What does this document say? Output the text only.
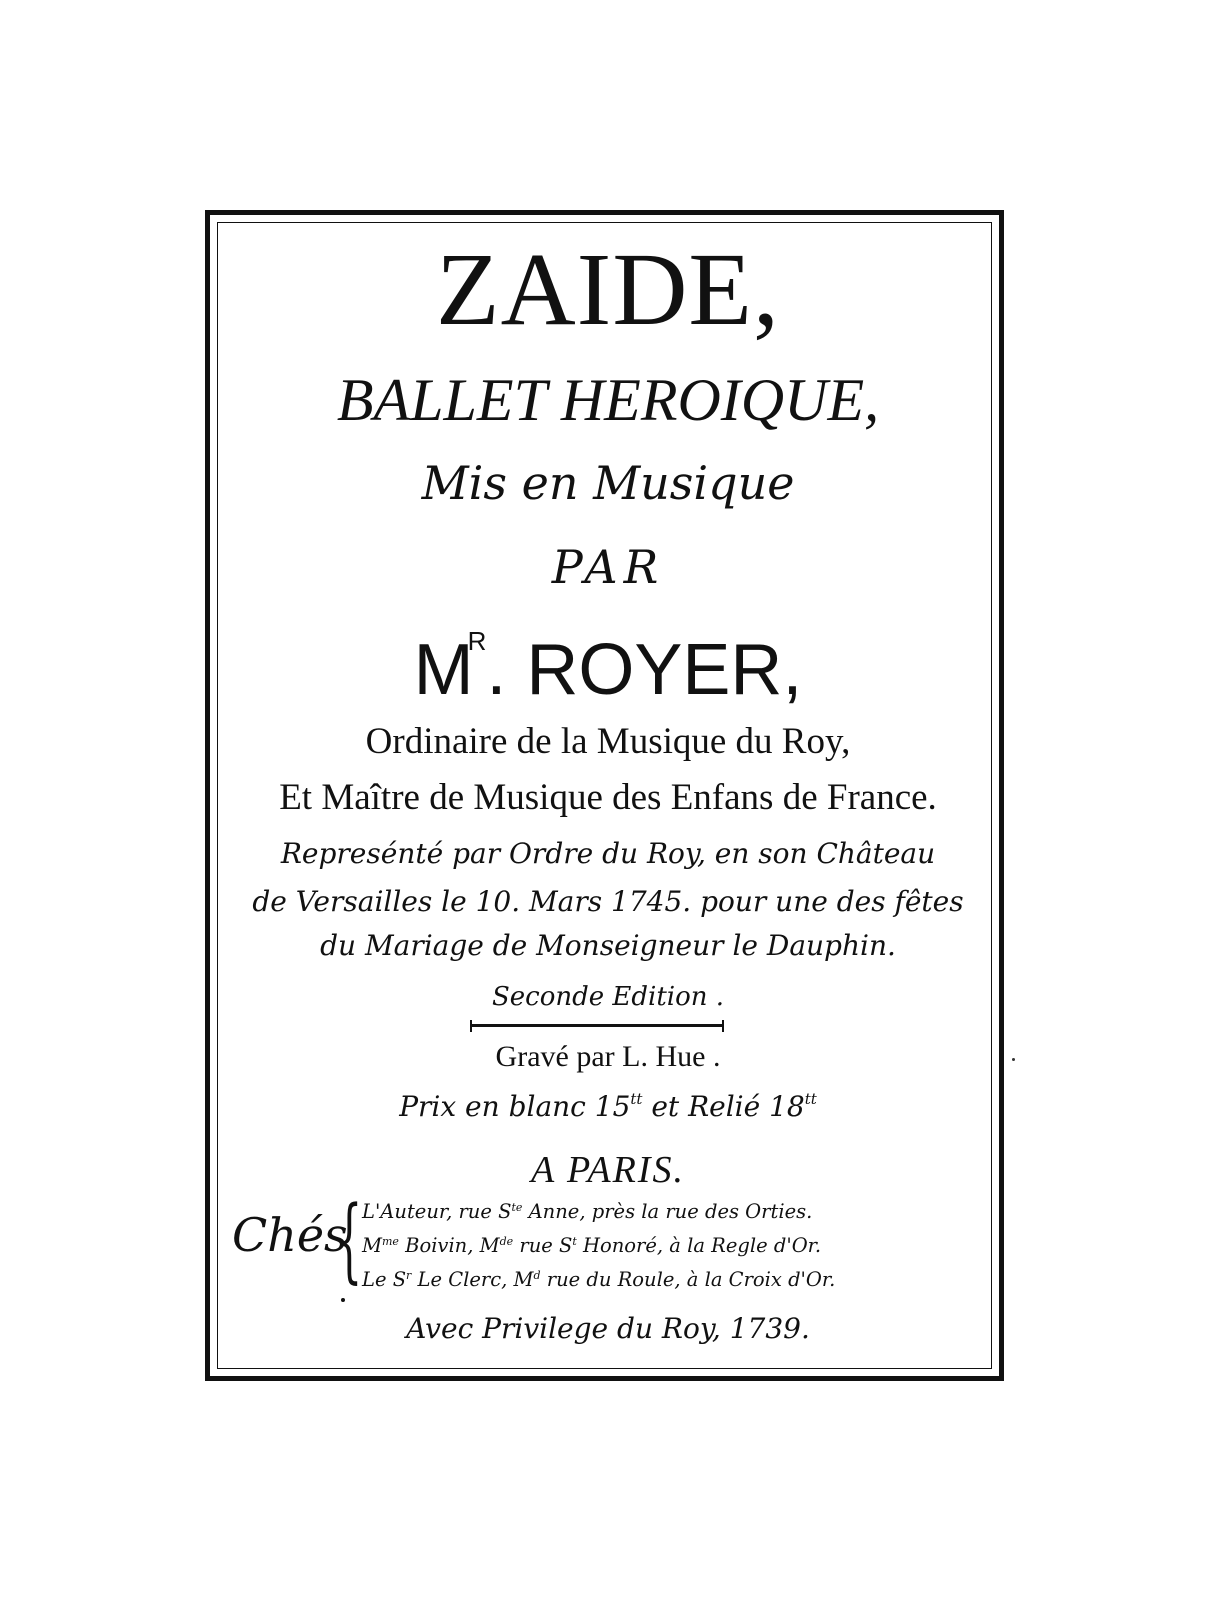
ZAIDE,
BALLET HEROIQUE,
Mis en Musique
PAR
$M^R$. ROYER,
Ordinaire de la Musique du Roy,
Et Maître de Musique des Enfans de France.
Represénté par Ordre du Roy, en son Château
de Versailles le 10. Mars 1745. pour une des fêtes
du Mariage de Monseigneur le Dauphin.
Seconde Edition .
Gravé par L. Hue .
Prix en blanc $15^{tt}$ et Relié $18^{tt}$
A PARIS.
Chés
{ L'Auteur, rue $S^{te}$ Anne, près la rue des Orties.
$M^{me}$ Boivin, Mde rue $S^t$ Honoré, à la Regle d'Or.
Le $S^r$ Le Clerc, $M^d$ rue du Roule, à la Croix d'Or.
Avec Privilege du Roy, 1739.
